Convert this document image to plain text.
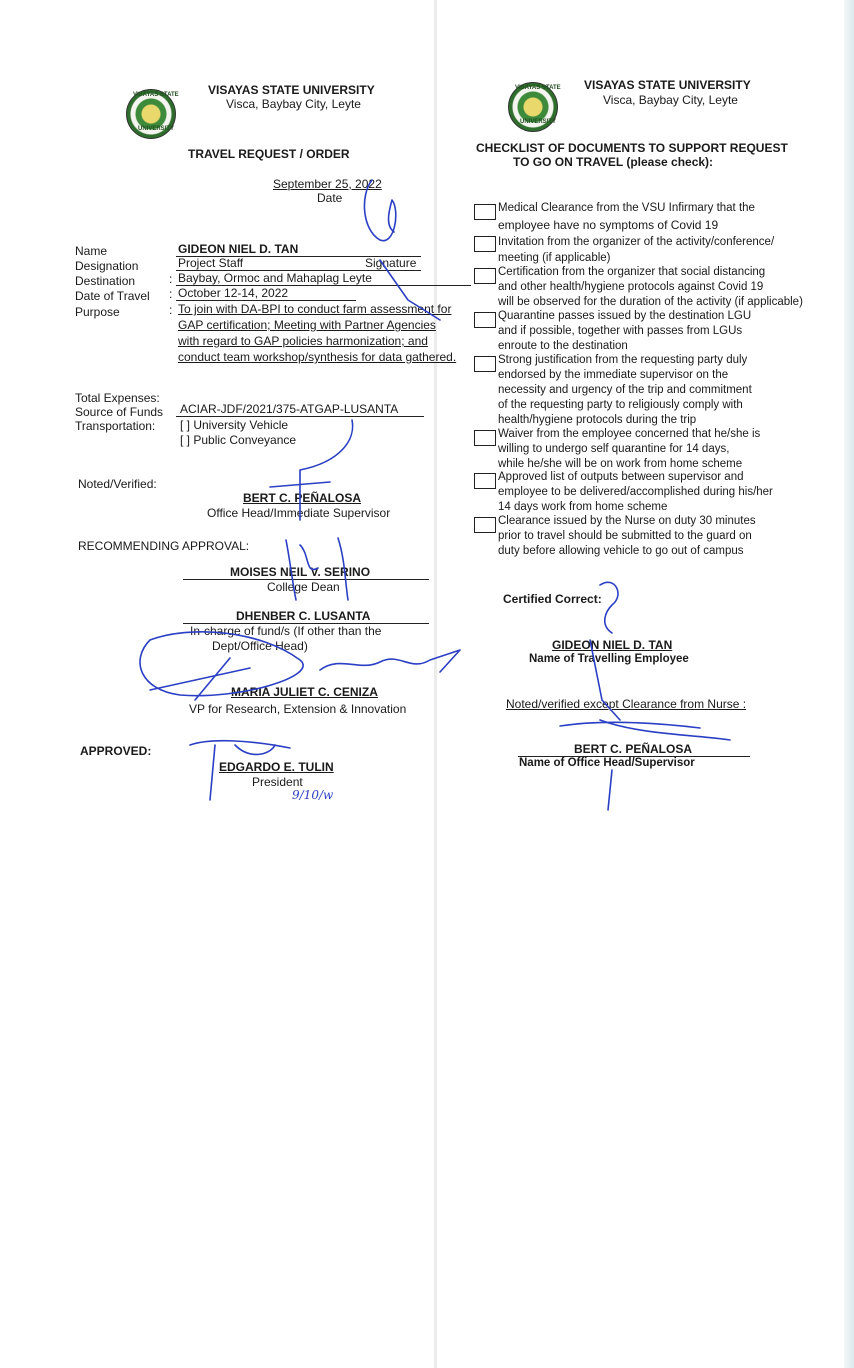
VISAYAS STATE
UNIVERSITY
VISAYAS STATE UNIVERSITY
Visca, Baybay City, Leyte
TRAVEL REQUEST / ORDER
September 25, 2022
Date
Name	GIDEON NIEL D. TAN
Designation	Project Staff	Signature
Destination	: Baybay, Ormoc and Mahaplag Leyte
Date of Travel : October 12-14, 2022
Purpose	: To join with DA-BPI to conduct farm assessment for
GAP certification; Meeting with Partner Agencies
with regard to GAP policies harmonization; and
conduct team workshop/synthesis for data gathered.
Total Expenses:
Source of Funds ACIAR-JDF/2021/375-ATGAP-LUSANTA
Transportation: [ ] University Vehicle
[ ] Public Conveyance
Noted/Verified:
BERT C. PEÑALOSA
Office Head/Immediate Supervisor
RECOMMENDING APPROVAL:
MOISES NEIL V. SERINO
College Dean
DHENBER C. LUSANTA
In-charge of fund/s (If other than the
Dept/Office Head)
MARIA JULIET C. CENIZA
VP for Research, Extension & Innovation
APPROVED:
EDGARDO E. TULIN
President
9/10/w
VISAYAS STATE
UNIVERSITY
VISAYAS STATE UNIVERSITY
Visca, Baybay City, Leyte
CHECKLIST OF DOCUMENTS TO SUPPORT REQUEST
TO GO ON TRAVEL (please check):
Medical Clearance from the VSU Infirmary that the
employee have no symptoms of Covid 19
Invitation from the organizer of the activity/conference/
meeting (if applicable)
Certification from the organizer that social distancing
and other health/hygiene protocols against Covid 19
will be observed for the duration of the activity (if applicable)
Quarantine passes issued by the destination LGU
and if possible, together with passes from LGUs
enroute to the destination
Strong justification from the requesting party duly
endorsed by the immediate supervisor on the
necessity and urgency of the trip and commitment
of the requesting party to religiously comply with
health/hygiene protocols during the trip
Waiver from the employee concerned that he/she is
willing to undergo self quarantine for 14 days,
while he/she will be on work from home scheme
Approved list of outputs between supervisor and
employee to be delivered/accomplished during his/her
14 days work from home scheme
Clearance issued by the Nurse on duty 30 minutes
prior to travel should be submitted to the guard on
duty before allowing vehicle to go out of campus
Certified Correct:
GIDEON NIEL D. TAN
Name of Travelling Employee
Noted/verified except Clearance from Nurse :
BERT C. PEÑALOSA
Name of Office Head/Supervisor
